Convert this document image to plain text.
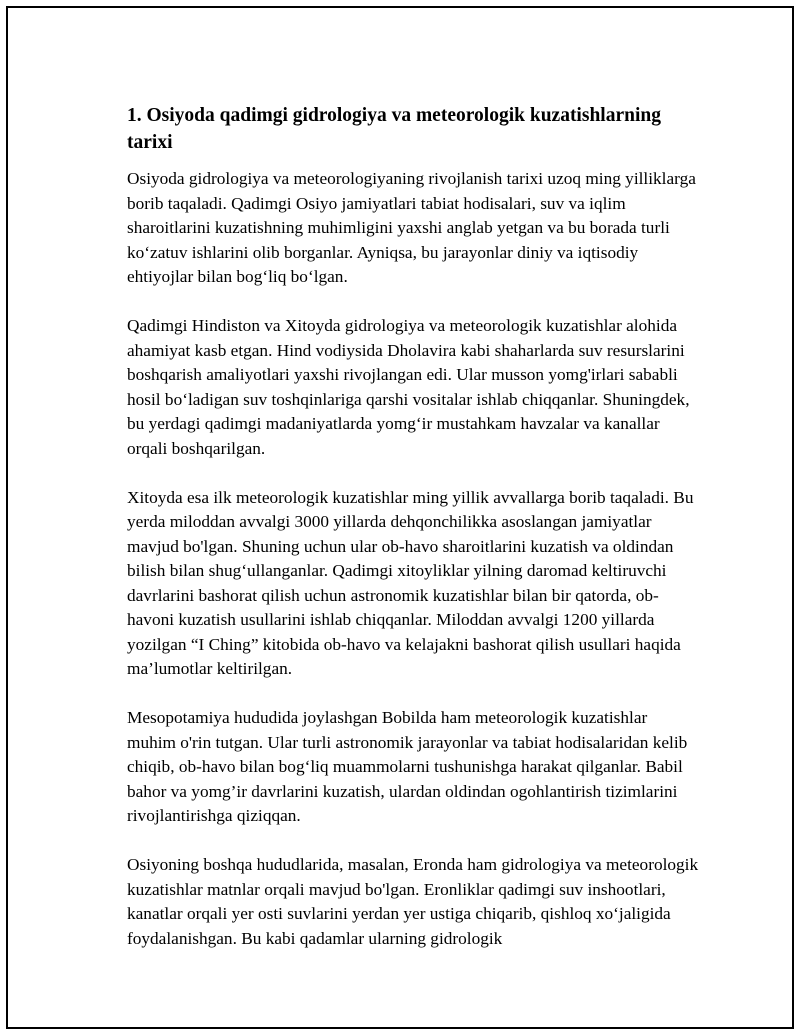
1. Osiyoda qadimgi gidrologiya va meteorologik kuzatishlarning tarixi

Osiyoda gidrologiya va meteorologiyaning rivojlanish tarixi uzoq ming yilliklarga borib taqaladi. Qadimgi Osiyo jamiyatlari tabiat hodisalari, suv va iqlim sharoitlarini kuzatishning muhimligini yaxshi anglab yetgan va bu borada turli ko‘zatuv ishlarini olib borganlar. Ayniqsa, bu jarayonlar diniy va iqtisodiy ehtiyojlar bilan bog‘liq bo‘lgan.

Qadimgi Hindiston va Xitoyda gidrologiya va meteorologik kuzatishlar alohida ahamiyat kasb etgan. Hind vodiysida Dholavira kabi shaharlarda suv resurslarini boshqarish amaliyotlari yaxshi rivojlangan edi. Ular musson yomg'irlari sababli hosil bo‘ladigan suv toshqinlariga qarshi vositalar ishlab chiqqanlar. Shuningdek, bu yerdagi qadimgi madaniyatlarda yomg‘ir mustahkam havzalar va kanallar orqali boshqarilgan.

Xitoyda esa ilk meteorologik kuzatishlar ming yillik avvallarga borib taqaladi. Bu yerda miloddan avvalgi 3000 yillarda dehqonchilikka asoslangan jamiyatlar mavjud bo'lgan. Shuning uchun ular ob-havo sharoitlarini kuzatish va oldindan bilish bilan shug‘ullanganlar. Qadimgi xitoyliklar yilning daromad keltiruvchi davrlarini bashorat qilish uchun astronomik kuzatishlar bilan bir qatorda, ob-havoni kuzatish usullarini ishlab chiqqanlar. Miloddan avvalgi 1200 yillarda yozilgan “I Ching” kitobida ob-havo va kelajakni bashorat qilish usullari haqida ma’lumotlar keltirilgan.

Mesopotamiya hududida joylashgan Bobilda ham meteorologik kuzatishlar muhim o'rin tutgan. Ular turli astronomik jarayonlar va tabiat hodisalaridan kelib chiqib, ob-havo bilan bog‘liq muammolarni tushunishga harakat qilganlar. Babil bahor va yomg’ir davrlarini kuzatish, ulardan oldindan ogohlantirish tizimlarini rivojlantirishga qiziqqan.

Osiyoning boshqa hududlarida, masalan, Eronda ham gidrologiya va meteorologik kuzatishlar matnlar orqali mavjud bo'lgan. Eronliklar qadimgi suv inshootlari, kanatlar orqali yer osti suvlarini yerdan yer ustiga chiqarib, qishloq xo‘jaligida foydalanishgan. Bu kabi qadamlar ularning gidrologik
